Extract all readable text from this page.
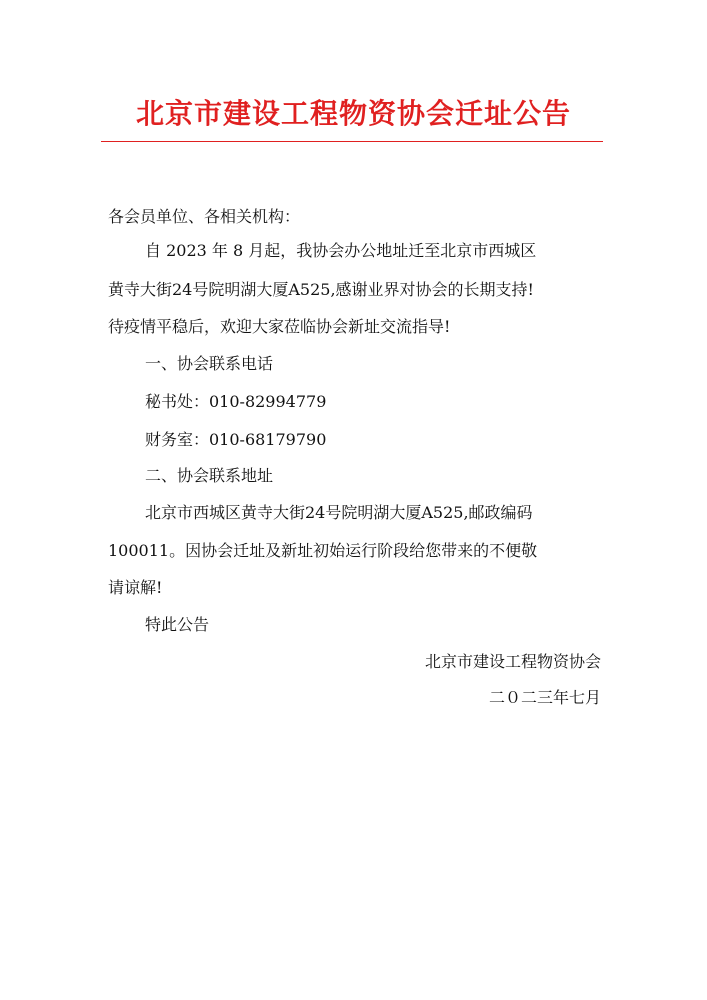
北京市建设工程物资协会迁址公告

各会员单位、各相关机构：

自 2023 年 8 月起，我协会办公地址迁至北京市西城区

黄寺大街24号院明湖大厦A525,感谢业界对协会的长期支持!

待疫情平稳后，欢迎大家莅临协会新址交流指导!

一、协会联系电话

秘书处：010-82994779

财务室：010-68179790

二、协会联系地址

北京市西城区黄寺大街24号院明湖大厦A525,邮政编码

100011。因协会迁址及新址初始运行阶段给您带来的不便敬

请谅解!

特此公告

北京市建设工程物资协会

二０二三年七月
